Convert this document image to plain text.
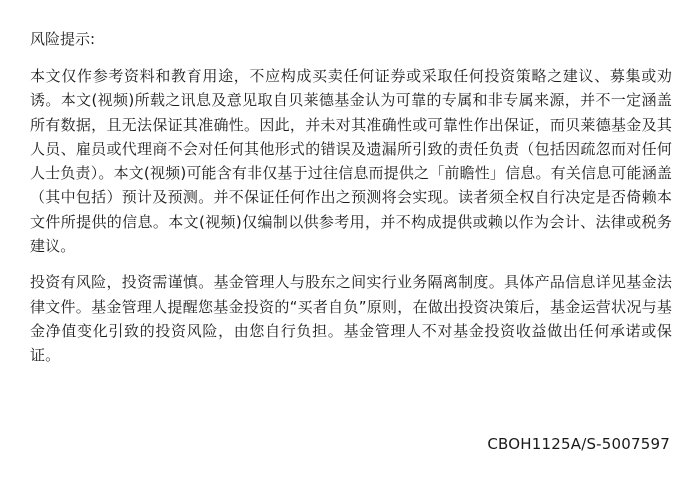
风险提示:

本文仅作参考资料和教育用途，不应构成买卖任何证券或采取任何投资策略之建议、募集或劝诱。本文(视频)所载之讯息及意见取自贝莱德基金认为可靠的专属和非专属来源，并不一定涵盖所有数据，且无法保证其准确性。因此，并未对其准确性或可靠性作出保证，而贝莱德基金及其人员、雇员或代理商不会对任何其他形式的错误及遗漏所引致的责任负责（包括因疏忽而对任何人士负责）。本文(视频)可能含有非仅基于过往信息而提供之「前瞻性」信息。有关信息可能涵盖（其中包括）预计及预测。并不保证任何作出之预测将会实现。读者须全权自行决定是否倚赖本文件所提供的信息。本文(视频)仅编制以供参考用，并不构成提供或赖以作为会计、法律或税务建议。

投资有风险，投资需谨慎。基金管理人与股东之间实行业务隔离制度。具体产品信息详见基金法律文件。基金管理人提醒您基金投资的“买者自负”原则，在做出投资决策后，基金运营状况与基金净值变化引致的投资风险，由您自行负担。基金管理人不对基金投资收益做出任何承诺或保证。

CBOH1125A/S-5007597
